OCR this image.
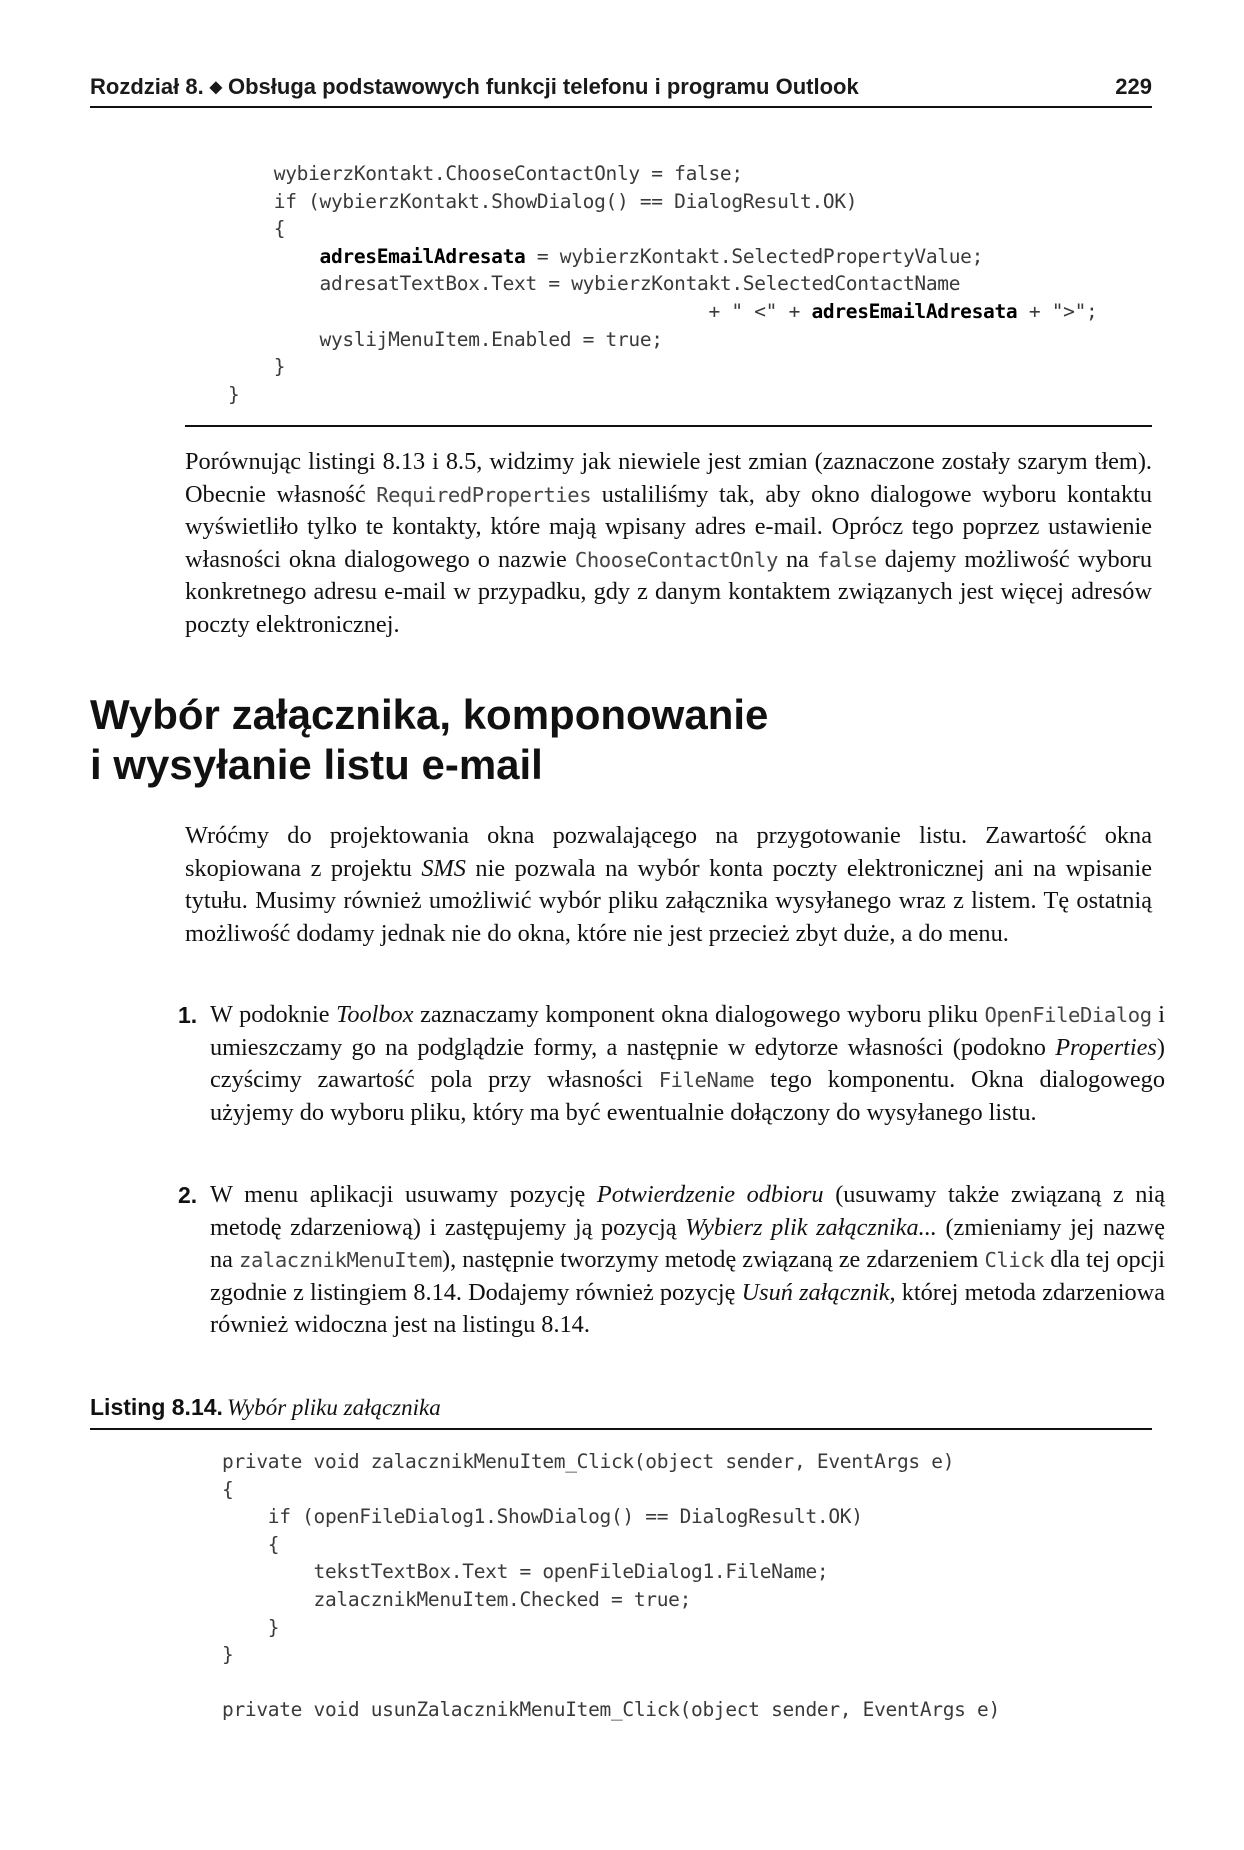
Rozdział 8. ◆ Obsługa podstawowych funkcji telefonu i programu Outlook	229
wybierzKontakt.ChooseContactOnly = false;
if (wybierzKontakt.ShowDialog() == DialogResult.OK)
{
adresEmailAdresata = wybierzKontakt.SelectedPropertyValue;
adresatTextBox.Text = wybierzKontakt.SelectedContactName
+ " <" + adresEmailAdresata + ">";
wyslijMenuItem.Enabled = true;
}
}

Porównując listingi 8.13 i 8.5, widzimy jak niewiele jest zmian (zaznaczone zostały szarym tłem). Obecnie własność RequiredProperties ustaliliśmy tak, aby okno dialogowe wyboru kontaktu wyświetliło tylko te kontakty, które mają wpisany adres e-mail. Oprócz tego poprzez ustawienie własności okna dialogowego o nazwie ChooseContactOnly na false dajemy możliwość wyboru konkretnego adresu e-mail w przypadku, gdy z danym kontaktem związanych jest więcej adresów poczty elektronicznej.

Wybór załącznika, komponowanie
i wysyłanie listu e-mail

Wróćmy do projektowania okna pozwalającego na przygotowanie listu. Zawartość okna skopiowana z projektu SMS nie pozwala na wybór konta poczty elektronicznej ani na wpisanie tytułu. Musimy również umożliwić wybór pliku załącznika wysyłanego wraz z listem. Tę ostatnią możliwość dodamy jednak nie do okna, które nie jest przecież zbyt duże, a do menu.

1. W podoknie Toolbox zaznaczamy komponent okna dialogowego wyboru pliku OpenFileDialog i umieszczamy go na podglądzie formy, a następnie w edytorze własności (podokno Properties) czyścimy zawartość pola przy własności FileName tego komponentu. Okna dialogowego użyjemy do wyboru pliku, który ma być ewentualnie dołączony do wysyłanego listu.

2. W menu aplikacji usuwamy pozycję Potwierdzenie odbioru (usuwamy także związaną z nią metodę zdarzeniową) i zastępujemy ją pozycją Wybierz plik załącznika... (zmieniamy jej nazwę na zalacznikMenuItem), następnie tworzymy metodę związaną ze zdarzeniem Click dla tej opcji zgodnie z listingiem 8.14. Dodajemy również pozycję Usuń załącznik, której metoda zdarzeniowa również widoczna jest na listingu 8.14.

Listing 8.14. Wybór pliku załącznika
private void zalacznikMenuItem_Click(object sender, EventArgs e)
{
if (openFileDialog1.ShowDialog() == DialogResult.OK)
{
tekstTextBox.Text = openFileDialog1.FileName;
zalacznikMenuItem.Checked = true;
}
}
private void usunZalacznikMenuItem_Click(object sender, EventArgs e)
